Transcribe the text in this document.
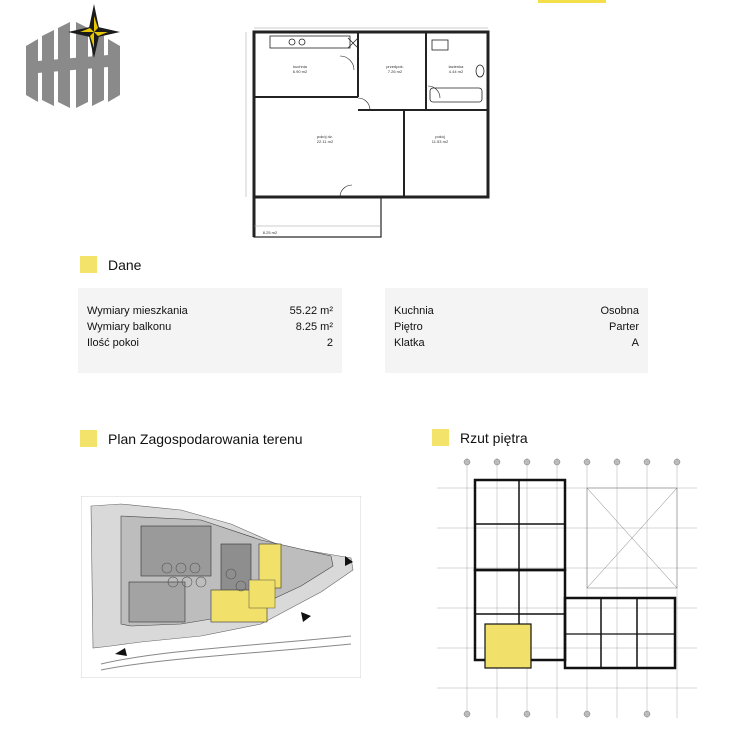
kuchnia
6.90 m2
przedpok.
7.26 m2
łazienka
4.44 m2
pokój dz.
22.11 m2
pokój
11.53 m2
8.25 m2
Dane
Wymiary mieszkania	55.22 m²
Wymiary balkonu	8.25 m²
Ilość pokoi	2
Kuchnia	Osobna
Piętro	Parter
Klatka	A
Plan Zagospodarowania terenu	Rzut piętra
